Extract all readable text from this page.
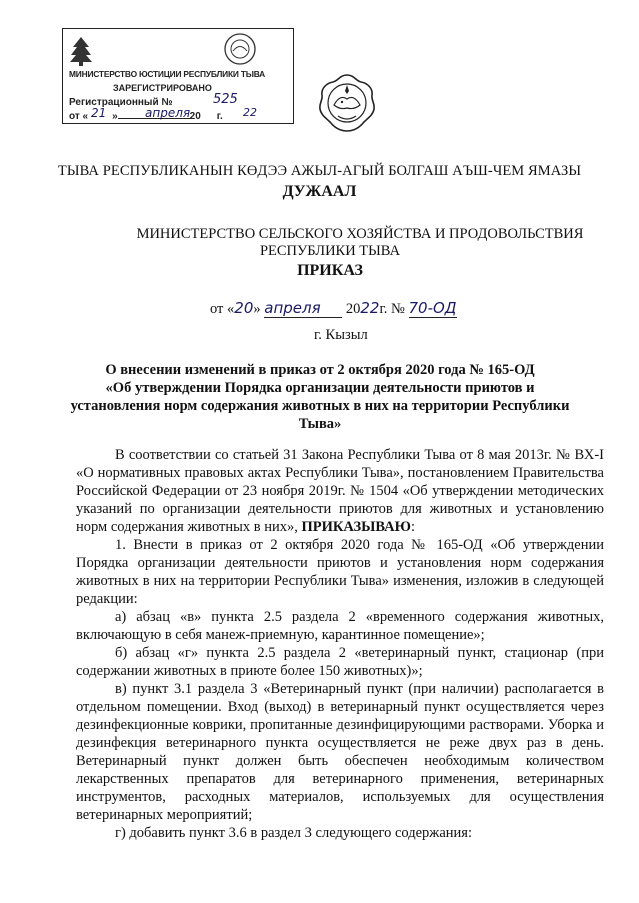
МИНИСТЕРСТВО ЮСТИЦИИ РЕСПУБЛИКИ ТЫВА
ЗАРЕГИСТРИРОВАНО
Регистрационный №	525
от « »	20 г.
21	апреля	22
ТЫВА РЕСПУБЛИКАНЫН КӨДЭЭ АЖЫЛ-АГЫЙ БОЛГАШ АЪШ-ЧЕМ ЯМАЗЫ
ДУЖААЛ
МИНИСТЕРСТВО СЕЛЬСКОГО ХОЗЯЙСТВА И ПРОДОВОЛЬСТВИЯ
РЕСПУБЛИКИ ТЫВА
ПРИКАЗ
от «20» апреля 2022г. № 70-ОД
г. Кызыл
О внесении изменений в приказ от 2 октября 2020 года № 165-ОД
«Об утверждении Порядка организации деятельности приютов и
установления норм содержания животных в них на территории Республики
Тыва»

В соответствии со статьей 31 Закона Республики Тыва от 8 мая 2013г. № ВХ-I «О нормативных правовых актах Республики Тыва», постановлением Правительства Российской Федерации от 23 ноября 2019г. № 1504 «Об утверждении методических указаний по организации деятельности приютов для животных и установлению норм содержания животных в них», ПРИКАЗЫВАЮ:

1. Внести в приказ от 2 октября 2020 года № 165-ОД «Об утверждении Порядка организации деятельности приютов и установления норм содержания животных в них на территории Республики Тыва» изменения, изложив в следующей редакции:

а) абзац «в» пункта 2.5 раздела 2 «временного содержания животных, включающую в себя манеж-приемную, карантинное помещение»;

б) абзац «г» пункта 2.5 раздела 2 «ветеринарный пункт, стационар (при содержании животных в приюте более 150 животных)»;

в) пункт 3.1 раздела 3 «Ветеринарный пункт (при наличии) располагается в отдельном помещении. Вход (выход) в ветеринарный пункт осуществляется через дезинфекционные коврики, пропитанные дезинфицирующими растворами. Уборка и дезинфекция ветеринарного пункта осуществляется не реже двух раз в день. Ветеринарный пункт должен быть обеспечен необходимым количеством лекарственных препаратов для ветеринарного применения, ветеринарных инструментов, расходных материалов, используемых для осуществления ветеринарных мероприятий;

г) добавить пункт 3.6 в раздел 3 следующего содержания:
